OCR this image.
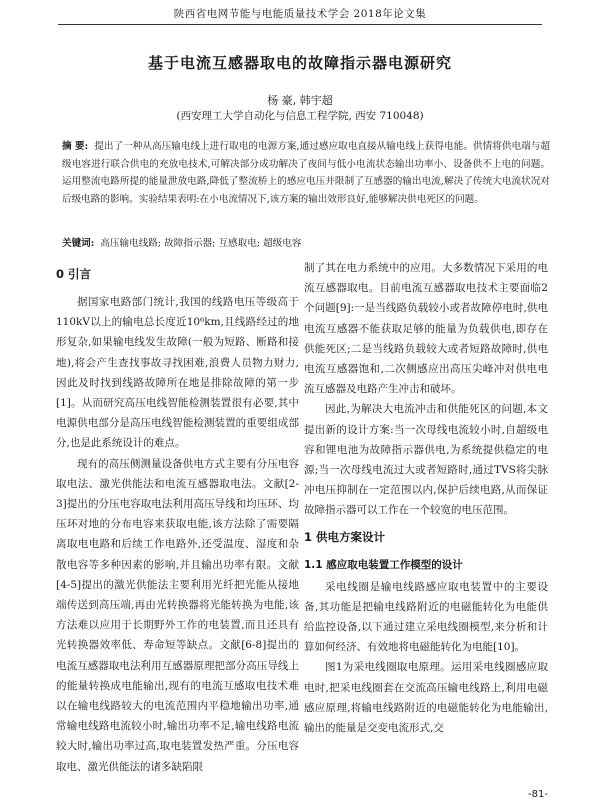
陕西省电网节能与电能质量技术学会 2018年论文集
基于电流互感器取电的故障指示器电源研究
杨 豪, 韩宇超
(西安理工大学自动化与信息工程学院, 西安 710048)
摘 要: 提出了一种从高压输电线上进行取电的电源方案,通过感应取电直接从输电线上获得电能。供情将供电端与超级电容进行联合供电的充放电技术,可解决部分成功解决了夜间与低小电流状态输出功率小、设备供不上电的问题。运用整流电路所提的能量泄放电路,降低了整流桥上的感应电压并限制了互感器的输出电流,解决了传统大电流状况对后级电路的影响。实验结果表明:在小电流情况下,该方案的输出效形良好,能够解决供电死区的问题。
关键词: 高压输电线路; 故障指示器; 互感取电; 超级电容
0 引言

据国家电路部门统计,我国的线路电压等级高于110kV以上的输电总长度近10⁶km,且线路经过的地形复杂,如果输电线发生故障(一般为短路、断路和接地),将会产生查找事故寻找困难,浪费人员物力财力,因此及时找到线路故障所在地是排除故障的第一步[1]。从而研究高压电线智能检测装置很有必要,其中电源供电部分是高压电线智能检测装置的重要组成部分,也是此系统设计的难点。

现有的高压侧测量设备供电方式主要有分压电容取电法、激光供能法和电流互感器取电法。文献[2-3]提出的分压电容取电法利用高压导线和均压环、均压环对地的分布电容来获取电能,该方法除了需要隔离取电电路和后续工作电路外,还受温度、湿度和杂散电容等多种因素的影响,并且输出功率有限。文献[4-5]提出的激光供能法主要利用光纤把光能从接地端传送到高压端,再由光转换器将光能转换为电能,该方法难以应用于长期野外工作的电装置,而且还具有光转换器效率低、寿命短等缺点。文献[6-8]提出的电流互感器取电法利用互感器原理把部分高压导线上的能量转换成电能输出,现有的电流互感取电技术难以在输电线路较大的电流范围内平稳地输出功率,通常输电线路电流较小时,输出功率不足,输电线路电流较大时,输出功率过高,取电装置发热严重。分压电容取电、激光供能法的诸多缺陷限

制了其在电力系统中的应用。大多数情况下采用的电流互感器取电。目前电流互感器取电技术主要面临2个问题[9]:一是当线路负载较小或者故障停电时,供电电流互感器不能获取足够的能量为负载供电,即存在供能死区;二是当线路负载较大或者短路故障时,供电电流互感器饱和,二次侧感应出高压尖峰冲对供电电流互感器及电路产生冲击和破坏。

因此,为解决大电流冲击和供能死区的问题,本文提出新的设计方案:当一次母线电流较小时,自超级电容和锂电池为故障指示器供电,为系统提供稳定的电源;当一次母线电流过大或者短路时,通过TVS将尖脉冲电压抑制在一定范围以内,保护后续电路,从而保证故障指示器可以工作在一个较宽的电压范围。

1 供电方案设计
1.1 感应取电装置工作模型的设计

采电线圈是输电线路感应取电装置中的主要设备,其功能是把输电线路附近的电磁能转化为电能供给监控设备,以下通过建立采电线圈模型,来分析和计算如何经济、有效地将电磁能转化为电能[10]。

图1为采电线圈取电原理。运用采电线圈感应取电时,把采电线圈套在交流高压输电线路上,利用电磁感应原理,将输电线路附近的电磁能转化为电能输出,输出的能量是交变电流形式,交

-81-
